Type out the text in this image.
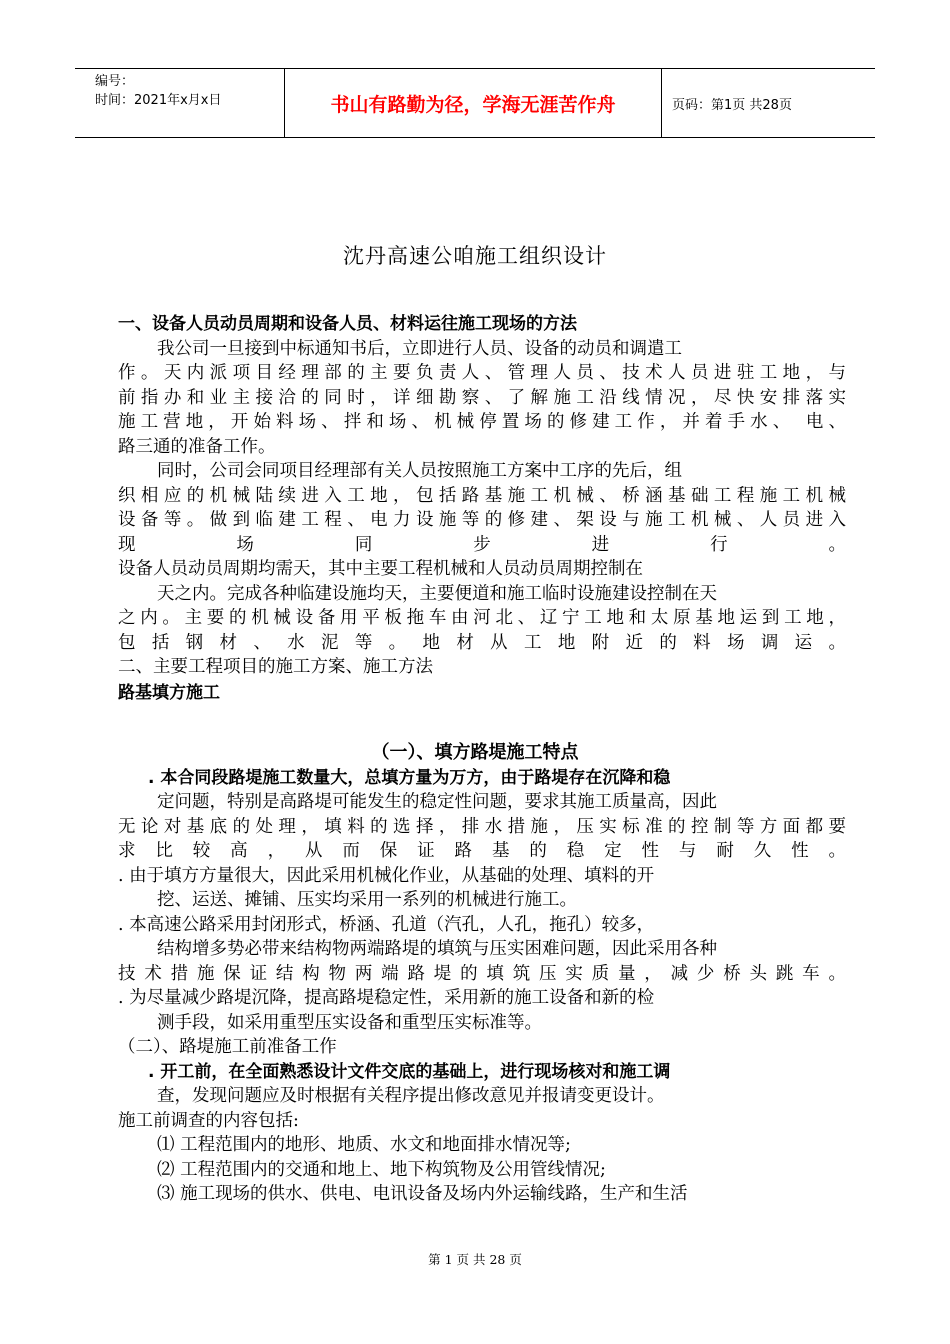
编号：
时间：2021年x月x日	书山有路勤为径，学海无涯苦作舟	页码：第1页 共28页
沈丹高速公咱施工组织设计
一、设备人员动员周期和设备人员、材料运往施工现场的方法
我公司一旦接到中标通知书后，立即进行人员、设备的动员和调遣工
作。天内派项目经理部的主要负责人、管理人员、技术人员进驻工地，与
前指办和业主接洽的同时，详细勘察、了解施工沿线情况，尽快安排落实
施工营地，开始料场、拌和场、机械停置场的修建工作，并着手水、 电、
路三通的准备工作。
同时，公司会同项目经理部有关人员按照施工方案中工序的先后，组
织相应的机械陆续进入工地，包括路基施工机械、桥涵基础工程施工机械
设备等。做到临建工程、电力设施等的修建、架设与施工机械、人员进入
现场同步进行。
设备人员动员周期均需天，其中主要工程机械和人员动员周期控制在
天之内。完成各种临建设施均天，主要便道和施工临时设施建设控制在天
之内。主要的机械设备用平板拖车由河北、辽宁工地和太原基地运到工地，
包括钢材、水泥等。地材从工地附近的料场调运。
二、主要工程项目的施工方案、施工方法
路基填方施工
（一）、填方路堤施工特点
. 本合同段路堤施工数量大，总填方量为万方，由于路堤存在沉降和稳
定问题，特别是高路堤可能发生的稳定性问题，要求其施工质量高，因此
无论对基底的处理，填料的选择，排水措施，压实标准的控制等方面都要
求比较高，从而保证路基的稳定性与耐久性。
. 由于填方方量很大，因此采用机械化作业，从基础的处理、填料的开
挖、运送、摊铺、压实均采用一系列的机械进行施工。
. 本高速公路采用封闭形式，桥涵、孔道（汽孔，人孔，拖孔）较多，
结构增多势必带来结构物两端路堤的填筑与压实困难问题，因此采用各种
技术措施保证结构物两端路堤的填筑压实质量，减少桥头跳车。
. 为尽量减少路堤沉降，提高路堤稳定性，采用新的施工设备和新的检
测手段，如采用重型压实设备和重型压实标准等。
（二）、路堤施工前准备工作
. 开工前，在全面熟悉设计文件交底的基础上，进行现场核对和施工调
查，发现问题应及时根据有关程序提出修改意见并报请变更设计。
施工前调查的内容包括:
⑴ 工程范围内的地形、地质、水文和地面排水情况等;
⑵ 工程范围内的交通和地上、地下构筑物及公用管线情况;
⑶ 施工现场的供水、供电、电讯设备及场内外运输线路，生产和生活
第 1 页 共 28 页
